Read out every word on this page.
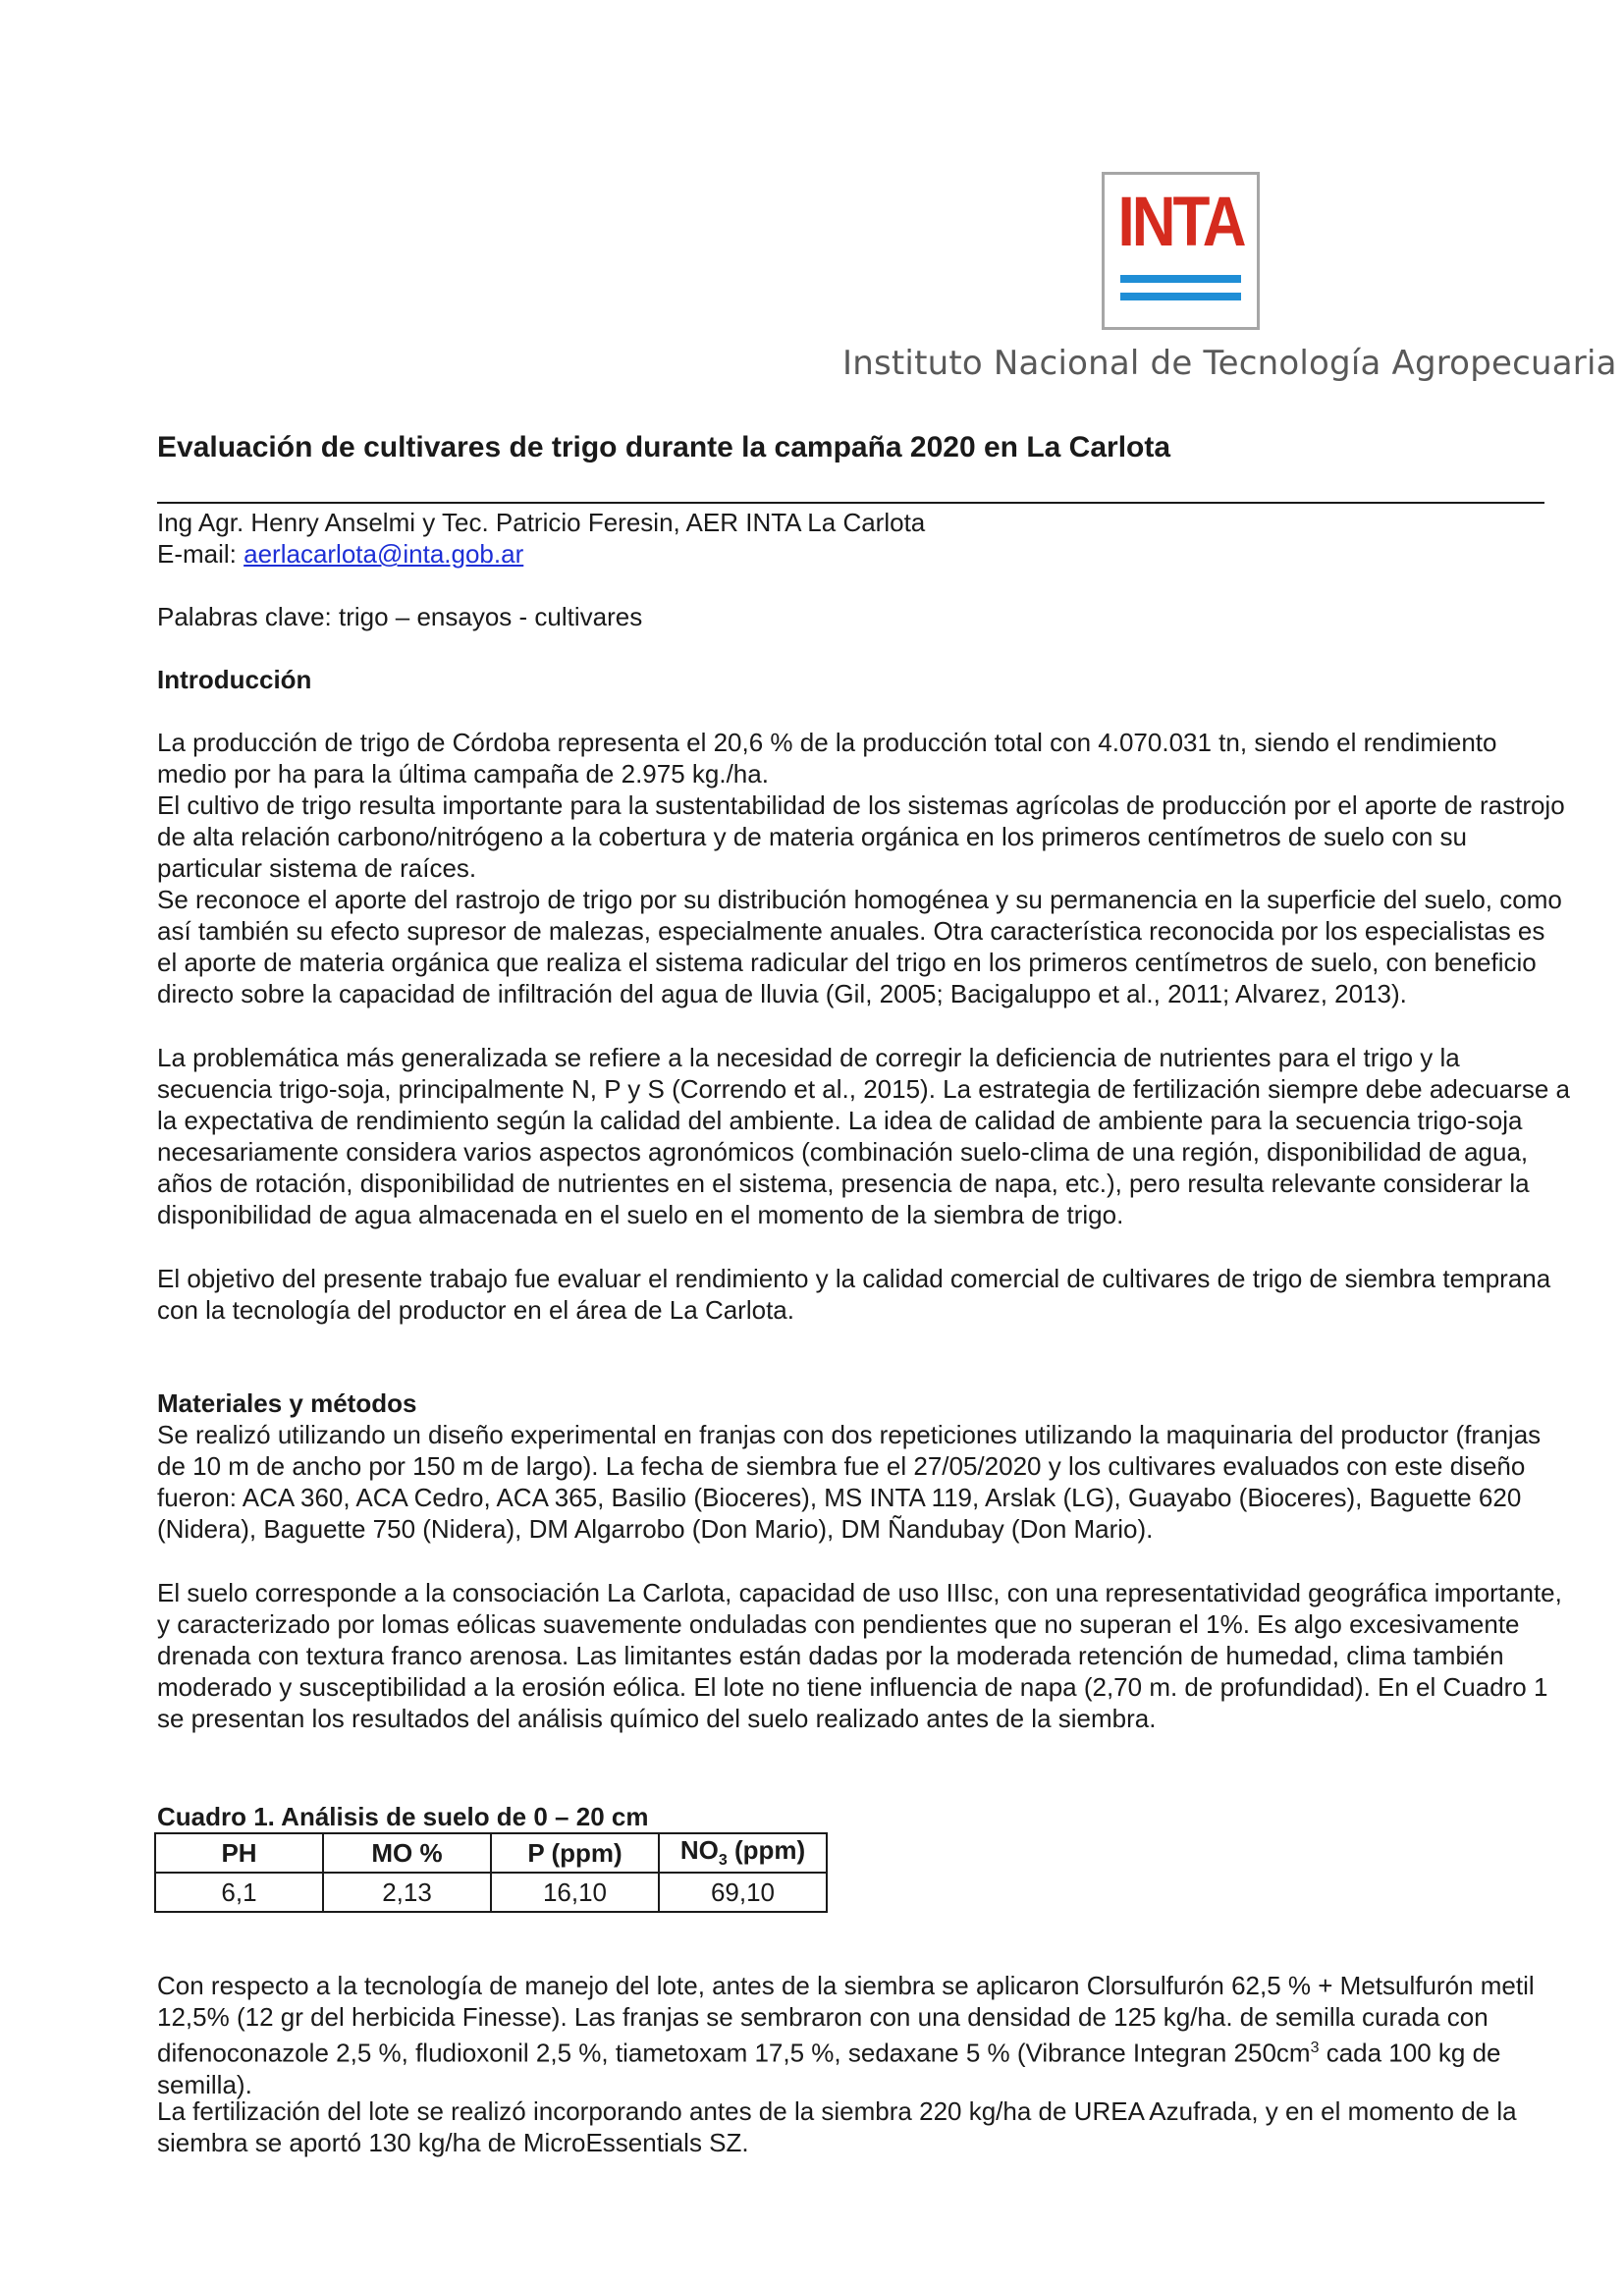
INTA
Instituto Nacional de Tecnología Agropecuaria
Evaluación de cultivares de trigo durante la campaña 2020 en La Carlota
Ing Agr. Henry Anselmi y Tec. Patricio Feresin, AER INTA La Carlota
E-mail: aerlacarlota@inta.gob.ar
Palabras clave: trigo – ensayos - cultivares
Introducción

La producción de trigo de Córdoba representa el 20,6 % de la producción total con 4.070.031 tn, siendo el rendimiento medio por ha para la última campaña de 2.975 kg./ha.

El cultivo de trigo resulta importante para la sustentabilidad de los sistemas agrícolas de producción por el aporte de rastrojo de alta relación carbono/nitrógeno a la cobertura y de materia orgánica en los primeros centímetros de suelo con su particular sistema de raíces.

Se reconoce el aporte del rastrojo de trigo por su distribución homogénea y su permanencia en la superficie del suelo, como así también su efecto supresor de malezas, especialmente anuales. Otra característica reconocida por los especialistas es el aporte de materia orgánica que realiza el sistema radicular del trigo en los primeros centímetros de suelo, con beneficio directo sobre la capacidad de infiltración del agua de lluvia (Gil, 2005; Bacigaluppo et al., 2011; Alvarez, 2013).

La problemática más generalizada se refiere a la necesidad de corregir la deficiencia de nutrientes para el trigo y la secuencia trigo-soja, principalmente N, P y S (Correndo et al., 2015). La estrategia de fertilización siempre debe adecuarse a la expectativa de rendimiento según la calidad del ambiente. La idea de calidad de ambiente para la secuencia trigo-soja necesariamente considera varios aspectos agronómicos (combinación suelo-clima de una región, disponibilidad de agua, años de rotación, disponibilidad de nutrientes en el sistema, presencia de napa, etc.), pero resulta relevante considerar la disponibilidad de agua almacenada en el suelo en el momento de la siembra de trigo.

El objetivo del presente trabajo fue evaluar el rendimiento y la calidad comercial de cultivares de trigo de siembra temprana con la tecnología del productor en el área de La Carlota.

Materiales y métodos

Se realizó utilizando un diseño experimental en franjas con dos repeticiones utilizando la maquinaria del productor (franjas de 10 m de ancho por 150 m de largo). La fecha de siembra fue el 27/05/2020 y los cultivares evaluados con este diseño fueron: ACA 360, ACA Cedro, ACA 365, Basilio (Bioceres), MS INTA 119, Arslak (LG), Guayabo (Bioceres), Baguette 620 (Nidera), Baguette 750 (Nidera), DM Algarrobo (Don Mario), DM Ñandubay (Don Mario).

El suelo corresponde a la consociación La Carlota, capacidad de uso IIIsc, con una representatividad geográfica importante, y caracterizado por lomas eólicas suavemente onduladas con pendientes que no superan el 1%. Es algo excesivamente drenada con textura franco arenosa. Las limitantes están dadas por la moderada retención de humedad, clima también moderado y susceptibilidad a la erosión eólica. El lote no tiene influencia de napa (2,70 m. de profundidad). En el Cuadro 1 se presentan los resultados del análisis químico del suelo realizado antes de la siembra.

Cuadro 1. Análisis de suelo de 0 – 20 cm
PH	MO %	P (ppm)	$NO_3$ (ppm)
6,1	2,13	16,10	69,10

Con respecto a la tecnología de manejo del lote, antes de la siembra se aplicaron Clorsulfurón 62,5 % + Metsulfurón metil 12,5% (12 gr del herbicida Finesse). Las franjas se sembraron con una densidad de 125 kg/ha. de semilla curada con difenoconazole 2,5 %, fludioxonil 2,5 %, tiametoxam 17,5 %, sedaxane 5 % (Vibrance Integran $250cm^3$ cada 100 kg de semilla).

La fertilización del lote se realizó incorporando antes de la siembra 220 kg/ha de UREA Azufrada, y en el momento de la siembra se aportó 130 kg/ha de MicroEssentials SZ.
